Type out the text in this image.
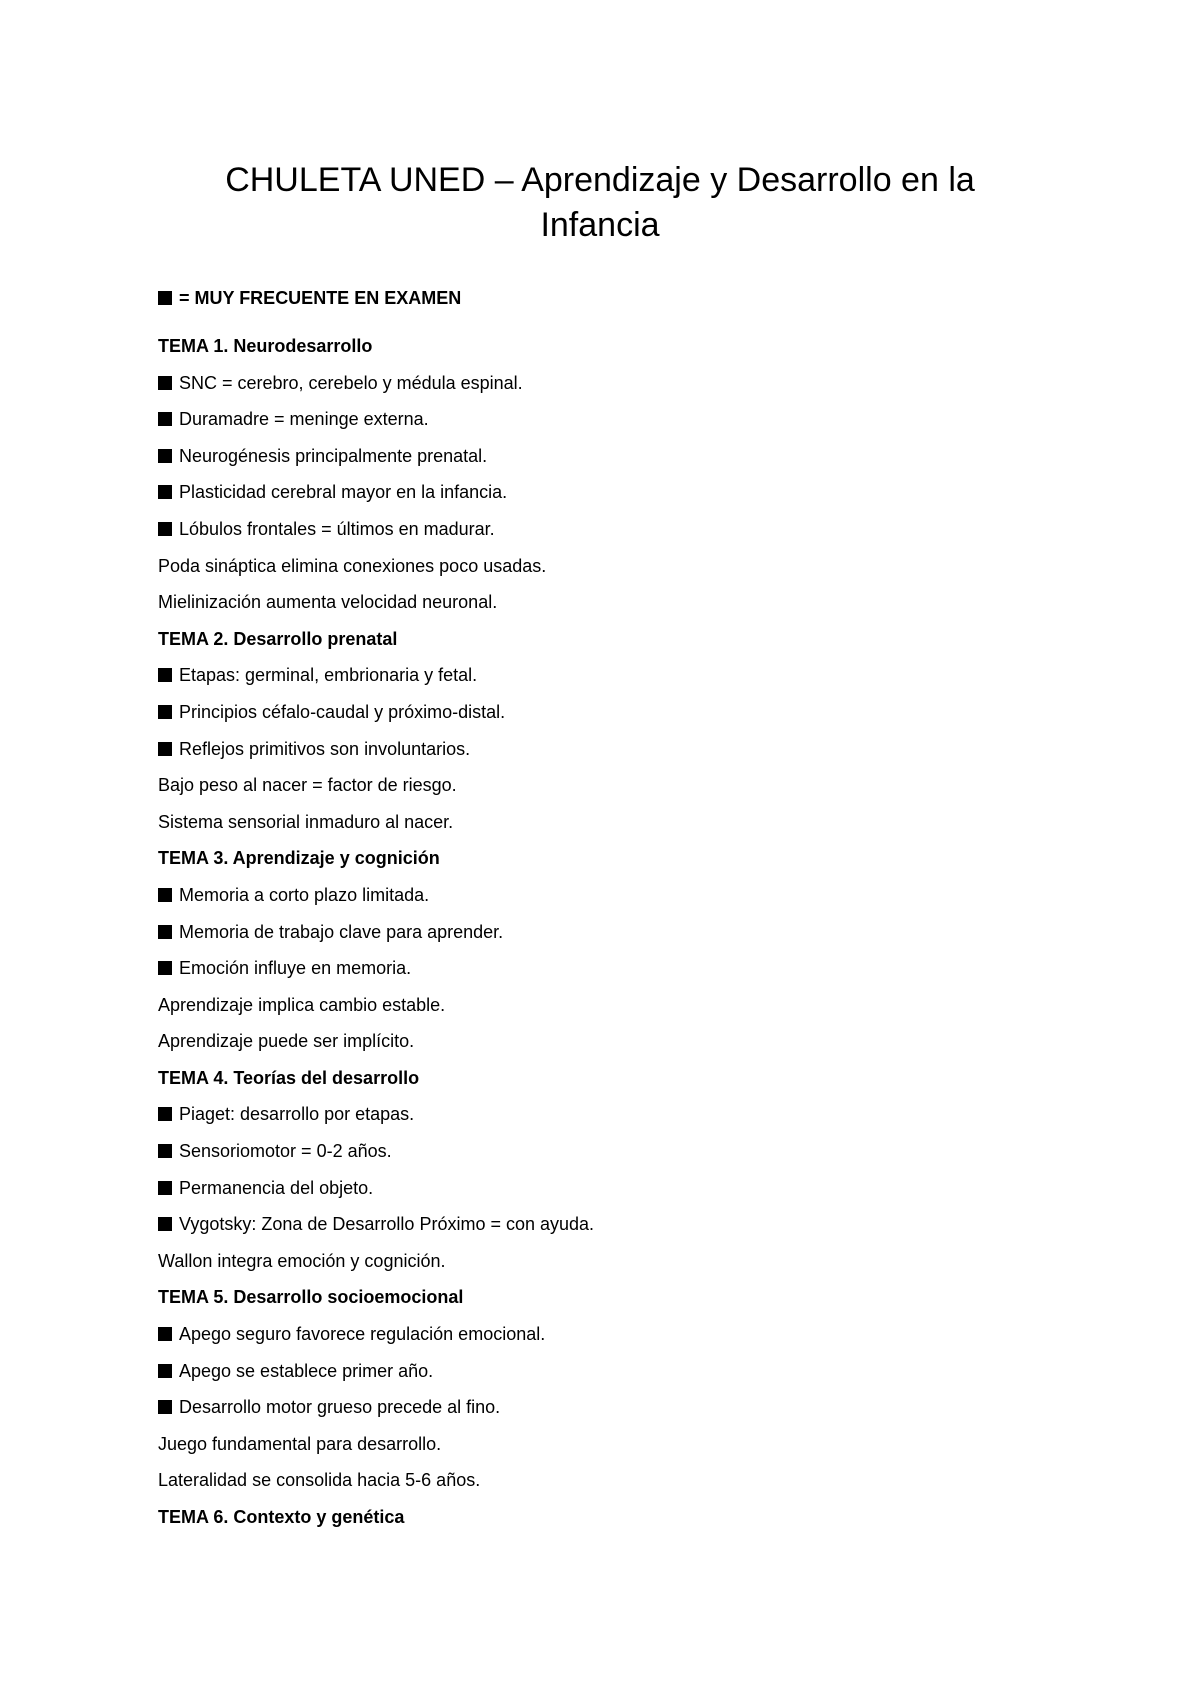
CHULETA UNED – Aprendizaje y Desarrollo en la
Infancia
= MUY FRECUENTE EN EXAMEN
TEMA 1. Neurodesarrollo
SNC = cerebro, cerebelo y médula espinal.
Duramadre = meninge externa.
Neurogénesis principalmente prenatal.
Plasticidad cerebral mayor en la infancia.
Lóbulos frontales = últimos en madurar.
Poda sináptica elimina conexiones poco usadas.
Mielinización aumenta velocidad neuronal.
TEMA 2. Desarrollo prenatal
Etapas: germinal, embrionaria y fetal.
Principios céfalo-caudal y próximo-distal.
Reflejos primitivos son involuntarios.
Bajo peso al nacer = factor de riesgo.
Sistema sensorial inmaduro al nacer.
TEMA 3. Aprendizaje y cognición
Memoria a corto plazo limitada.
Memoria de trabajo clave para aprender.
Emoción influye en memoria.
Aprendizaje implica cambio estable.
Aprendizaje puede ser implícito.
TEMA 4. Teorías del desarrollo
Piaget: desarrollo por etapas.
Sensoriomotor = 0-2 años.
Permanencia del objeto.
Vygotsky: Zona de Desarrollo Próximo = con ayuda.
Wallon integra emoción y cognición.
TEMA 5. Desarrollo socioemocional
Apego seguro favorece regulación emocional.
Apego se establece primer año.
Desarrollo motor grueso precede al fino.
Juego fundamental para desarrollo.
Lateralidad se consolida hacia 5-6 años.
TEMA 6. Contexto y genética
